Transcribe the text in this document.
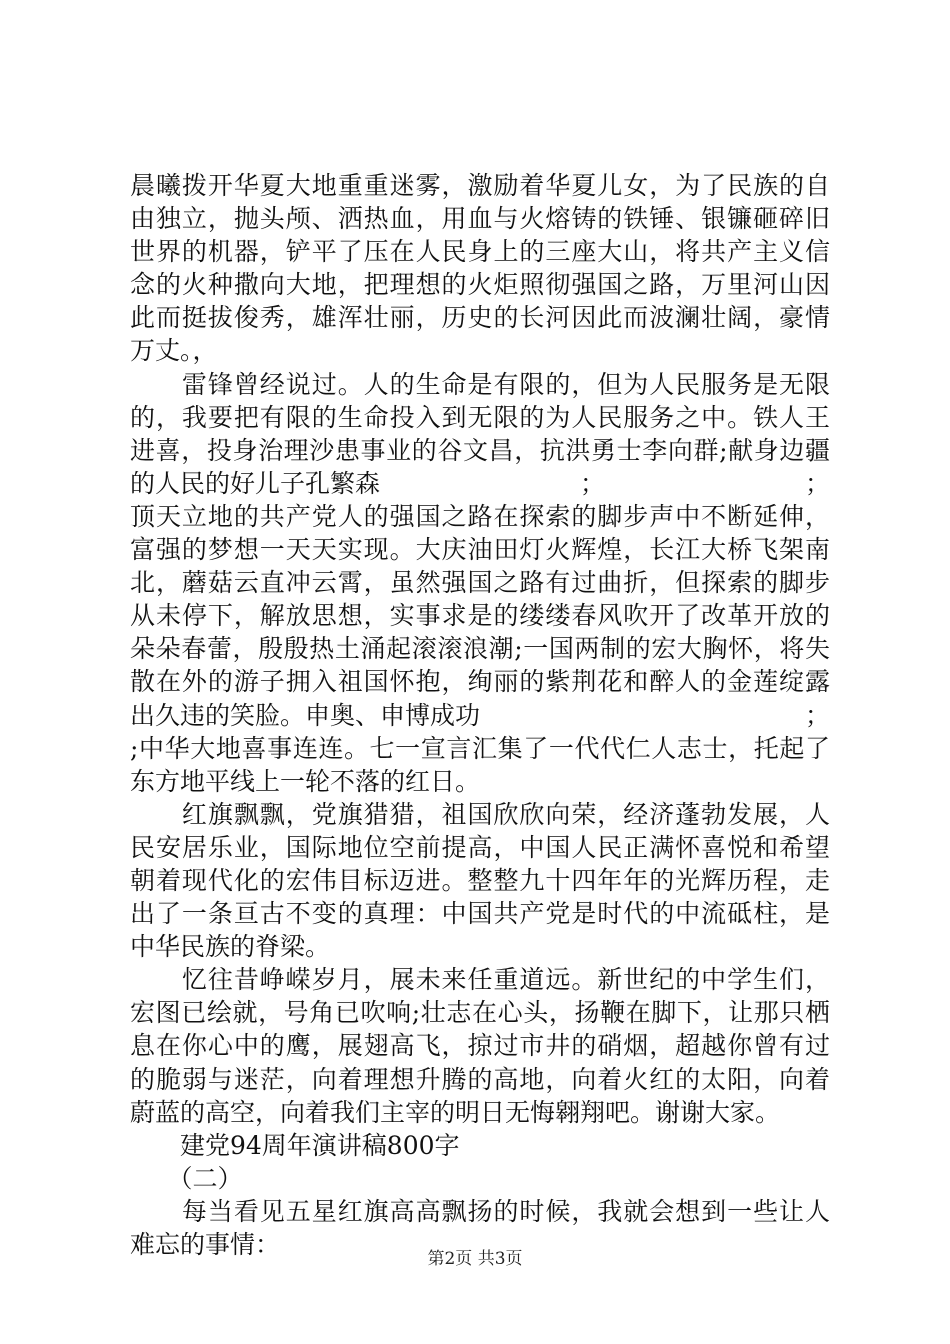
晨曦拨开华夏大地重重迷雾，激励着华夏儿女，为了民族的自
由独立，抛头颅、洒热血，用血与火熔铸的铁锤、银镰砸碎旧
世界的机器，铲平了压在人民身上的三座大山，将共产主义信
念的火种撒向大地，把理想的火炬照彻强国之路，万里河山因
此而挺拔俊秀，雄浑壮丽，历史的长河因此而波澜壮阔，豪情
万丈。，
　　雷锋曾经说过。人的生命是有限的，但为人民服务是无限
的，我要把有限的生命投入到无限的为人民服务之中。铁人王
进喜，投身治理沙患事业的谷文昌，抗洪勇士李向群;献身边疆
的人民的好儿子孔繁森	；	；
顶天立地的共产党人的强国之路在探索的脚步声中不断延伸，
富强的梦想一天天实现。大庆油田灯火辉煌，长江大桥飞架南
北，蘑菇云直冲云霄，虽然强国之路有过曲折，但探索的脚步
从未停下，解放思想，实事求是的缕缕春风吹开了改革开放的
朵朵春蕾，殷殷热土涌起滚滚浪潮;一国两制的宏大胸怀，将失
散在外的游子拥入祖国怀抱，绚丽的紫荆花和醉人的金莲绽露
出久违的笑脸。申奥、申博成功	；
;中华大地喜事连连。七一宣言汇集了一代代仁人志士，托起了
东方地平线上一轮不落的红日。
　　红旗飘飘，党旗猎猎，祖国欣欣向荣，经济蓬勃发展，人
民安居乐业，国际地位空前提高，中国人民正满怀喜悦和希望
朝着现代化的宏伟目标迈进。整整九十四年年的光辉历程，走
出了一条亘古不变的真理：中国共产党是时代的中流砥柱，是
中华民族的脊梁。
　　忆往昔峥嵘岁月，展未来任重道远。新世纪的中学生们，
宏图已绘就，号角已吹响;壮志在心头，扬鞭在脚下，让那只栖
息在你心中的鹰，展翅高飞，掠过市井的硝烟，超越你曾有过
的脆弱与迷茫，向着理想升腾的高地，向着火红的太阳，向着
蔚蓝的高空，向着我们主宰的明日无悔翱翔吧。谢谢大家。
　　建党94周年演讲稿800字
　　（二）
　　每当看见五星红旗高高飘扬的时候，我就会想到一些让人
难忘的事情：	第2页 共3页
